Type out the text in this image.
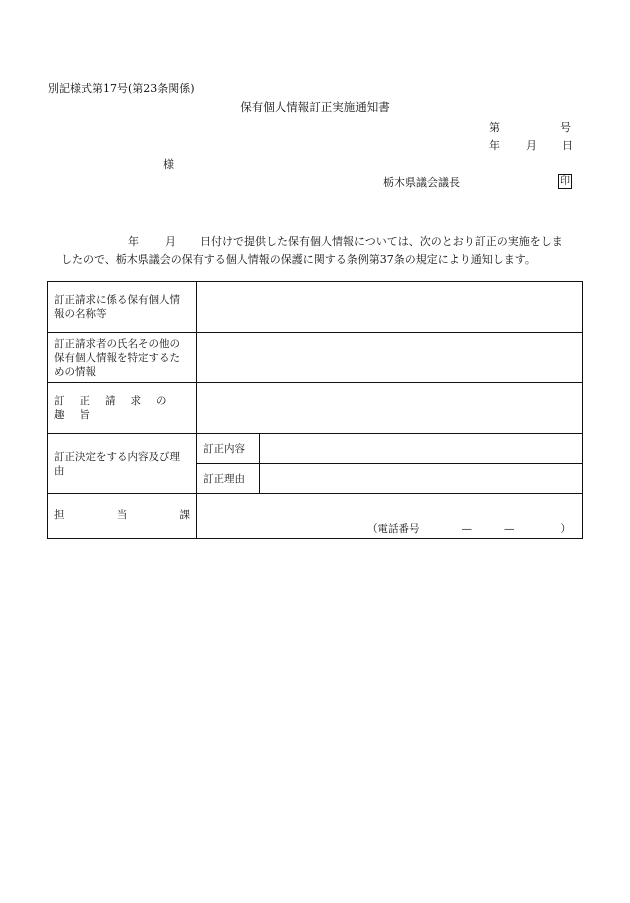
別記様式第17号(第23条関係)
保有個人情報訂正実施通知書
第	号
年 月 日
様
栃木県議会議長	印
年 月 日付けで提供した保有個人情報については、次のとおり訂正の実施をしま
したので、栃木県議会の保有する個人情報の保護に関する条例第37条の規定により通知します。
訂正請求に係る保有個人情報の名称等		
訂正請求者の氏名その他の保有個人情報を特定するための情報		
訂正請求の趣旨		
訂正決定をする内容及び理由	訂正内容	
	訂正理由	

担 当 課	（電話番号 — — ）	
